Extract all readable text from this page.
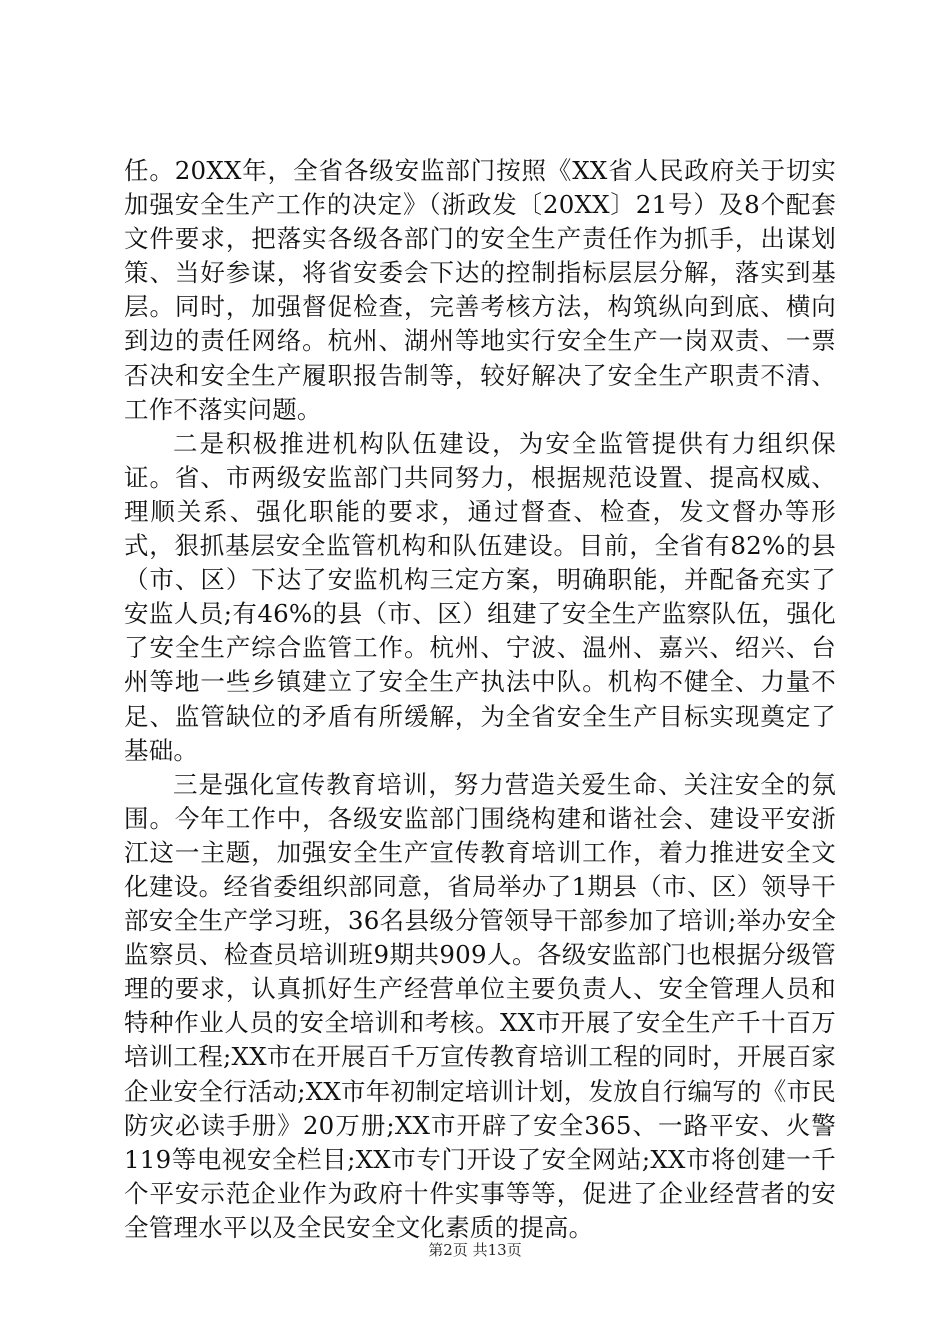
任。20XX年，全省各级安监部门按照《XX省人民政府关于切实加强安全生产工作的决定》（浙政发〔20XX〕21号）及8个配套文件要求，把落实各级各部门的安全生产责任作为抓手，出谋划策、当好参谋，将省安委会下达的控制指标层层分解，落实到基层。同时，加强督促检查，完善考核方法，构筑纵向到底、横向到边的责任网络。杭州、湖州等地实行安全生产一岗双责、一票否决和安全生产履职报告制等，较好解决了安全生产职责不清、工作不落实问题。

二是积极推进机构队伍建设，为安全监管提供有力组织保证。省、市两级安监部门共同努力，根据规范设置、提高权威、理顺关系、强化职能的要求，通过督查、检查，发文督办等形式，狠抓基层安全监管机构和队伍建设。目前，全省有82%的县（市、区）下达了安监机构三定方案，明确职能，并配备充实了安监人员;有46%的县（市、区）组建了安全生产监察队伍，强化了安全生产综合监管工作。杭州、宁波、温州、嘉兴、绍兴、台州等地一些乡镇建立了安全生产执法中队。机构不健全、力量不足、监管缺位的矛盾有所缓解，为全省安全生产目标实现奠定了基础。

三是强化宣传教育培训，努力营造关爱生命、关注安全的氛围。今年工作中，各级安监部门围绕构建和谐社会、建设平安浙江这一主题，加强安全生产宣传教育培训工作，着力推进安全文化建设。经省委组织部同意，省局举办了1期县（市、区）领导干部安全生产学习班，36名县级分管领导干部参加了培训;举办安全监察员、检查员培训班9期共909人。各级安监部门也根据分级管理的要求，认真抓好生产经营单位主要负责人、安全管理人员和特种作业人员的安全培训和考核。XX市开展了安全生产千十百万培训工程;XX市在开展百千万宣传教育培训工程的同时，开展百家企业安全行活动;XX市年初制定培训计划，发放自行编写的《市民防灾必读手册》20万册;XX市开辟了安全365、一路平安、火警119等电视安全栏目;XX市专门开设了安全网站;XX市将创建一千个平安示范企业作为政府十件实事等等，促进了企业经营者的安全管理水平以及全民安全文化素质的提高。

第2页 共13页
